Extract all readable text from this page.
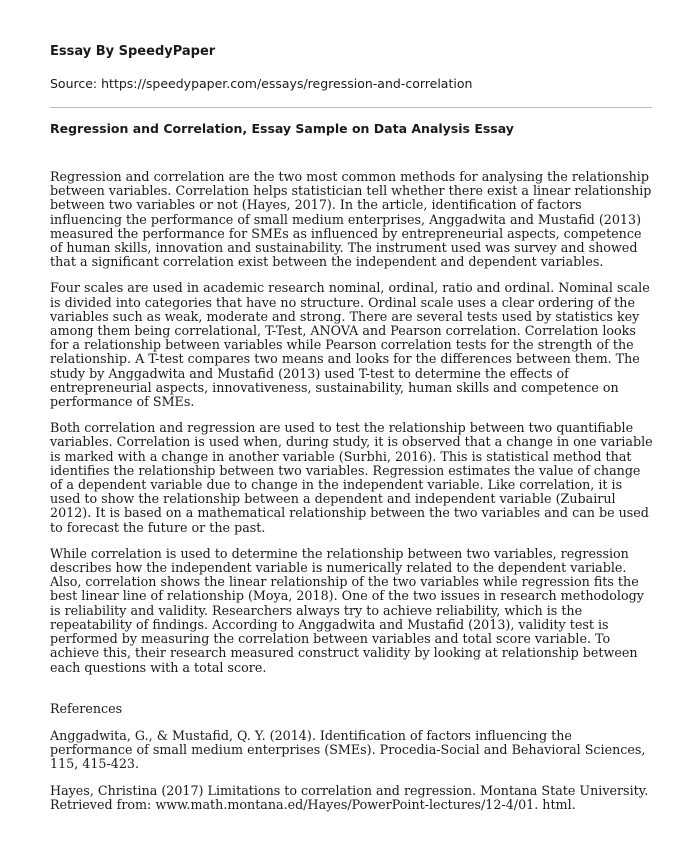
Essay By SpeedyPaper
Source: https://speedypaper.com/essays/regression-and-correlation
Regression and Correlation, Essay Sample on Data Analysis Essay

Regression and correlation are the two most common methods for analysing the relationship between variables. Correlation helps statistician tell whether there exist a linear relationship between two variables or not (Hayes, 2017). In the article, identification of factors influencing the performance of small medium enterprises, Anggadwita and Mustafid (2013) measured the performance for SMEs as influenced by entrepreneurial aspects, competence of human skills, innovation and sustainability. The instrument used was survey and showed that a significant correlation exist between the independent and dependent variables.

Four scales are used in academic research nominal, ordinal, ratio and ordinal. Nominal scale is divided into categories that have no structure. Ordinal scale uses a clear ordering of the variables such as weak, moderate and strong. There are several tests used by statistics key among them being correlational, T-Test, ANOVA and Pearson correlation. Correlation looks for a relationship between variables while Pearson correlation tests for the strength of the relationship. A T-test compares two means and looks for the differences between them. The study by Anggadwita and Mustafid (2013) used T-test to determine the effects of entrepreneurial aspects, innovativeness, sustainability, human skills and competence on performance of SMEs.

Both correlation and regression are used to test the relationship between two quantifiable variables. Correlation is used when, during study, it is observed that a change in one variable is marked with a change in another variable (Surbhi, 2016). This is statistical method that identifies the relationship between two variables. Regression estimates the value of change of a dependent variable due to change in the independent variable. Like correlation, it is used to show the relationship between a dependent and independent variable (Zubairul 2012). It is based on a mathematical relationship between the two variables and can be used to forecast the future or the past.

While correlation is used to determine the relationship between two variables, regression describes how the independent variable is numerically related to the dependent variable. Also, correlation shows the linear relationship of the two variables while regression fits the best linear line of relationship (Moya, 2018). One of the two issues in research methodology is reliability and validity. Researchers always try to achieve reliability, which is the repeatability of findings. According to Anggadwita and Mustafid (2013), validity test is performed by measuring the correlation between variables and total score variable. To achieve this, their research measured construct validity by looking at relationship between each questions with a total score.

References

Anggadwita, G., & Mustafid, Q. Y. (2014). Identification of factors influencing the performance of small medium enterprises (SMEs). Procedia-Social and Behavioral Sciences, 115, 415-423.

Hayes, Christina (2017) Limitations to correlation and regression. Montana State University. Retrieved from: www.math.montana.ed/Hayes/PowerPoint-lectures/12-4/01. html.
